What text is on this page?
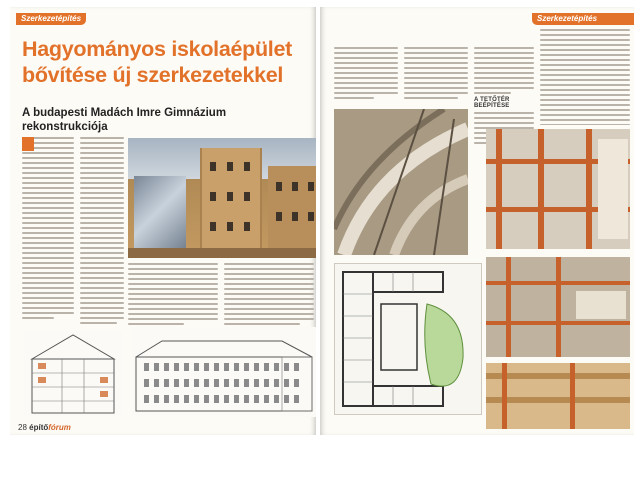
Szerkezetépítés
Hagyományos iskolaépület bővítése új szerkezetekkel
A budapesti Madách Imre Gimnázium rekonstrukciója
28 építőfórum
Szerkezetépítés
A TETŐTÉR BEÉPÍTÉSE
